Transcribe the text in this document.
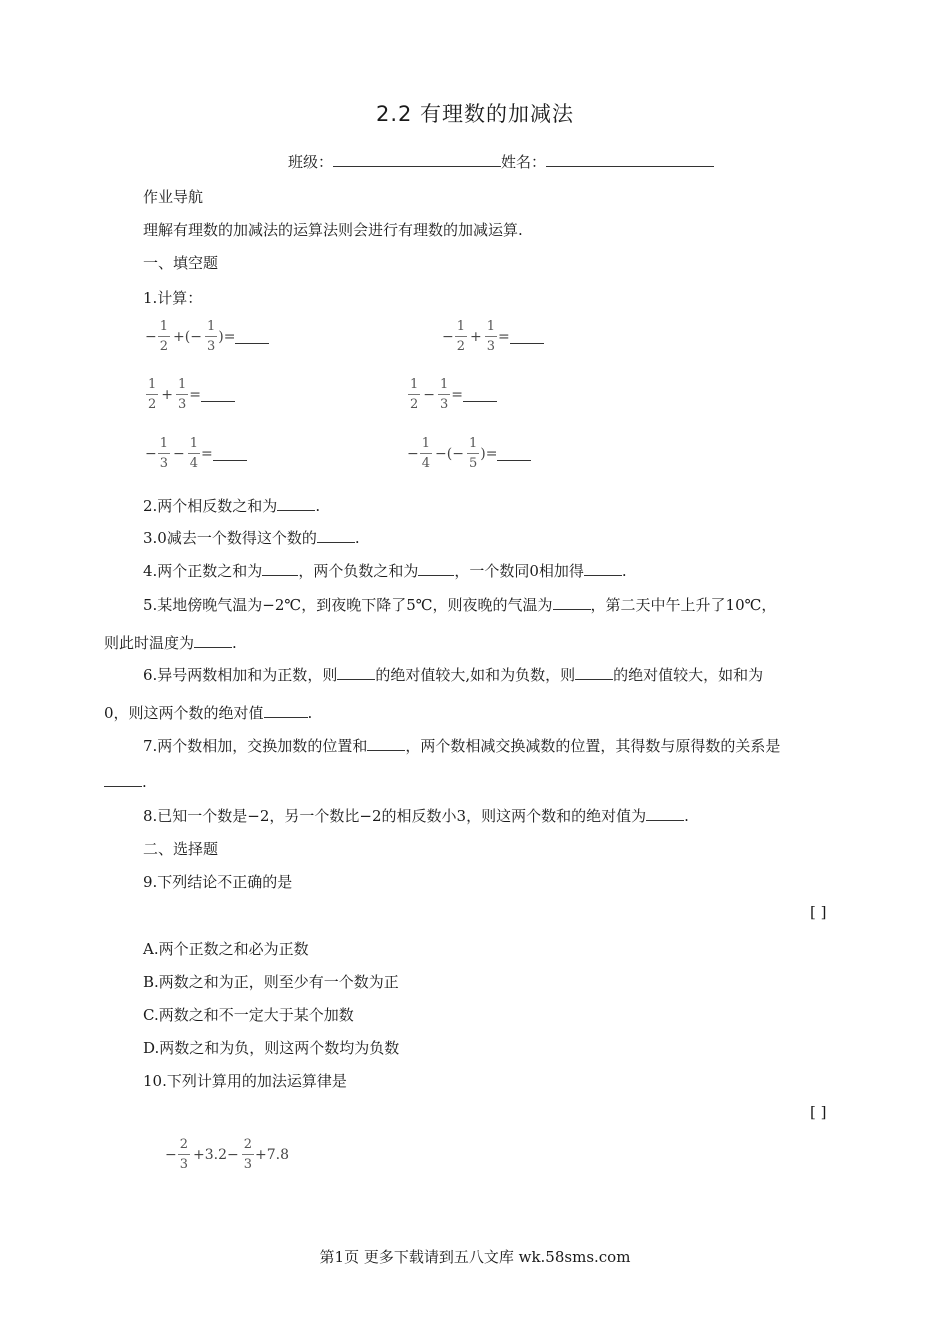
2.2 有理数的加减法
班级：	姓名：
作业导航
理解有理数的加减法的运算法则会进行有理数的加减运算.
一、填空题
1.计算：
− $\frac{1}{2}$ +(− $\frac{1}{3}$ )=	− $\frac{1}{2} + \frac{1}{3}$ =
$\frac{1}{2} + \frac{1}{3}$ =	$\frac{1}{2} - \frac{1}{3}$ =
− $\frac{1}{3} - \frac{1}{4}$ =	− $\frac{1}{4}$ −(− $\frac{1}{5}$ )=
2.两个相反数之和为	.
3.0减去一个数得这个数的	.
4.两个正数之和为 ，两个负数之和为 ，一个数同0相加得	.
5.某地傍晚气温为−2℃，到夜晚下降了5℃，则夜晚的气温为	，第二天中午上升了10℃，
则此时温度为	.
6.异号两数相加和为正数，则	的绝对值较大,如和为负数，则	的绝对值较大，如和为
0，则这两个数的绝对值	.
7.两个数相加，交换加数的位置和	，两个数相减交换减数的位置，其得数与原得数的关系是
.
8.已知一个数是−2，另一个数比−2的相反数小3，则这两个数和的绝对值为	.
二、选择题
9.下列结论不正确的是
[ ]
A.两个正数之和必为正数
B.两数之和为正，则至少有一个数为正
C.两数之和不一定大于某个加数
D.两数之和为负，则这两个数均为负数
10.下列计算用的加法运算律是
[ ]
− $\frac{2}{3} +3.2- \frac{2}{3} +7.8$
第1页 更多下载请到五八文库 wk.58sms.com
